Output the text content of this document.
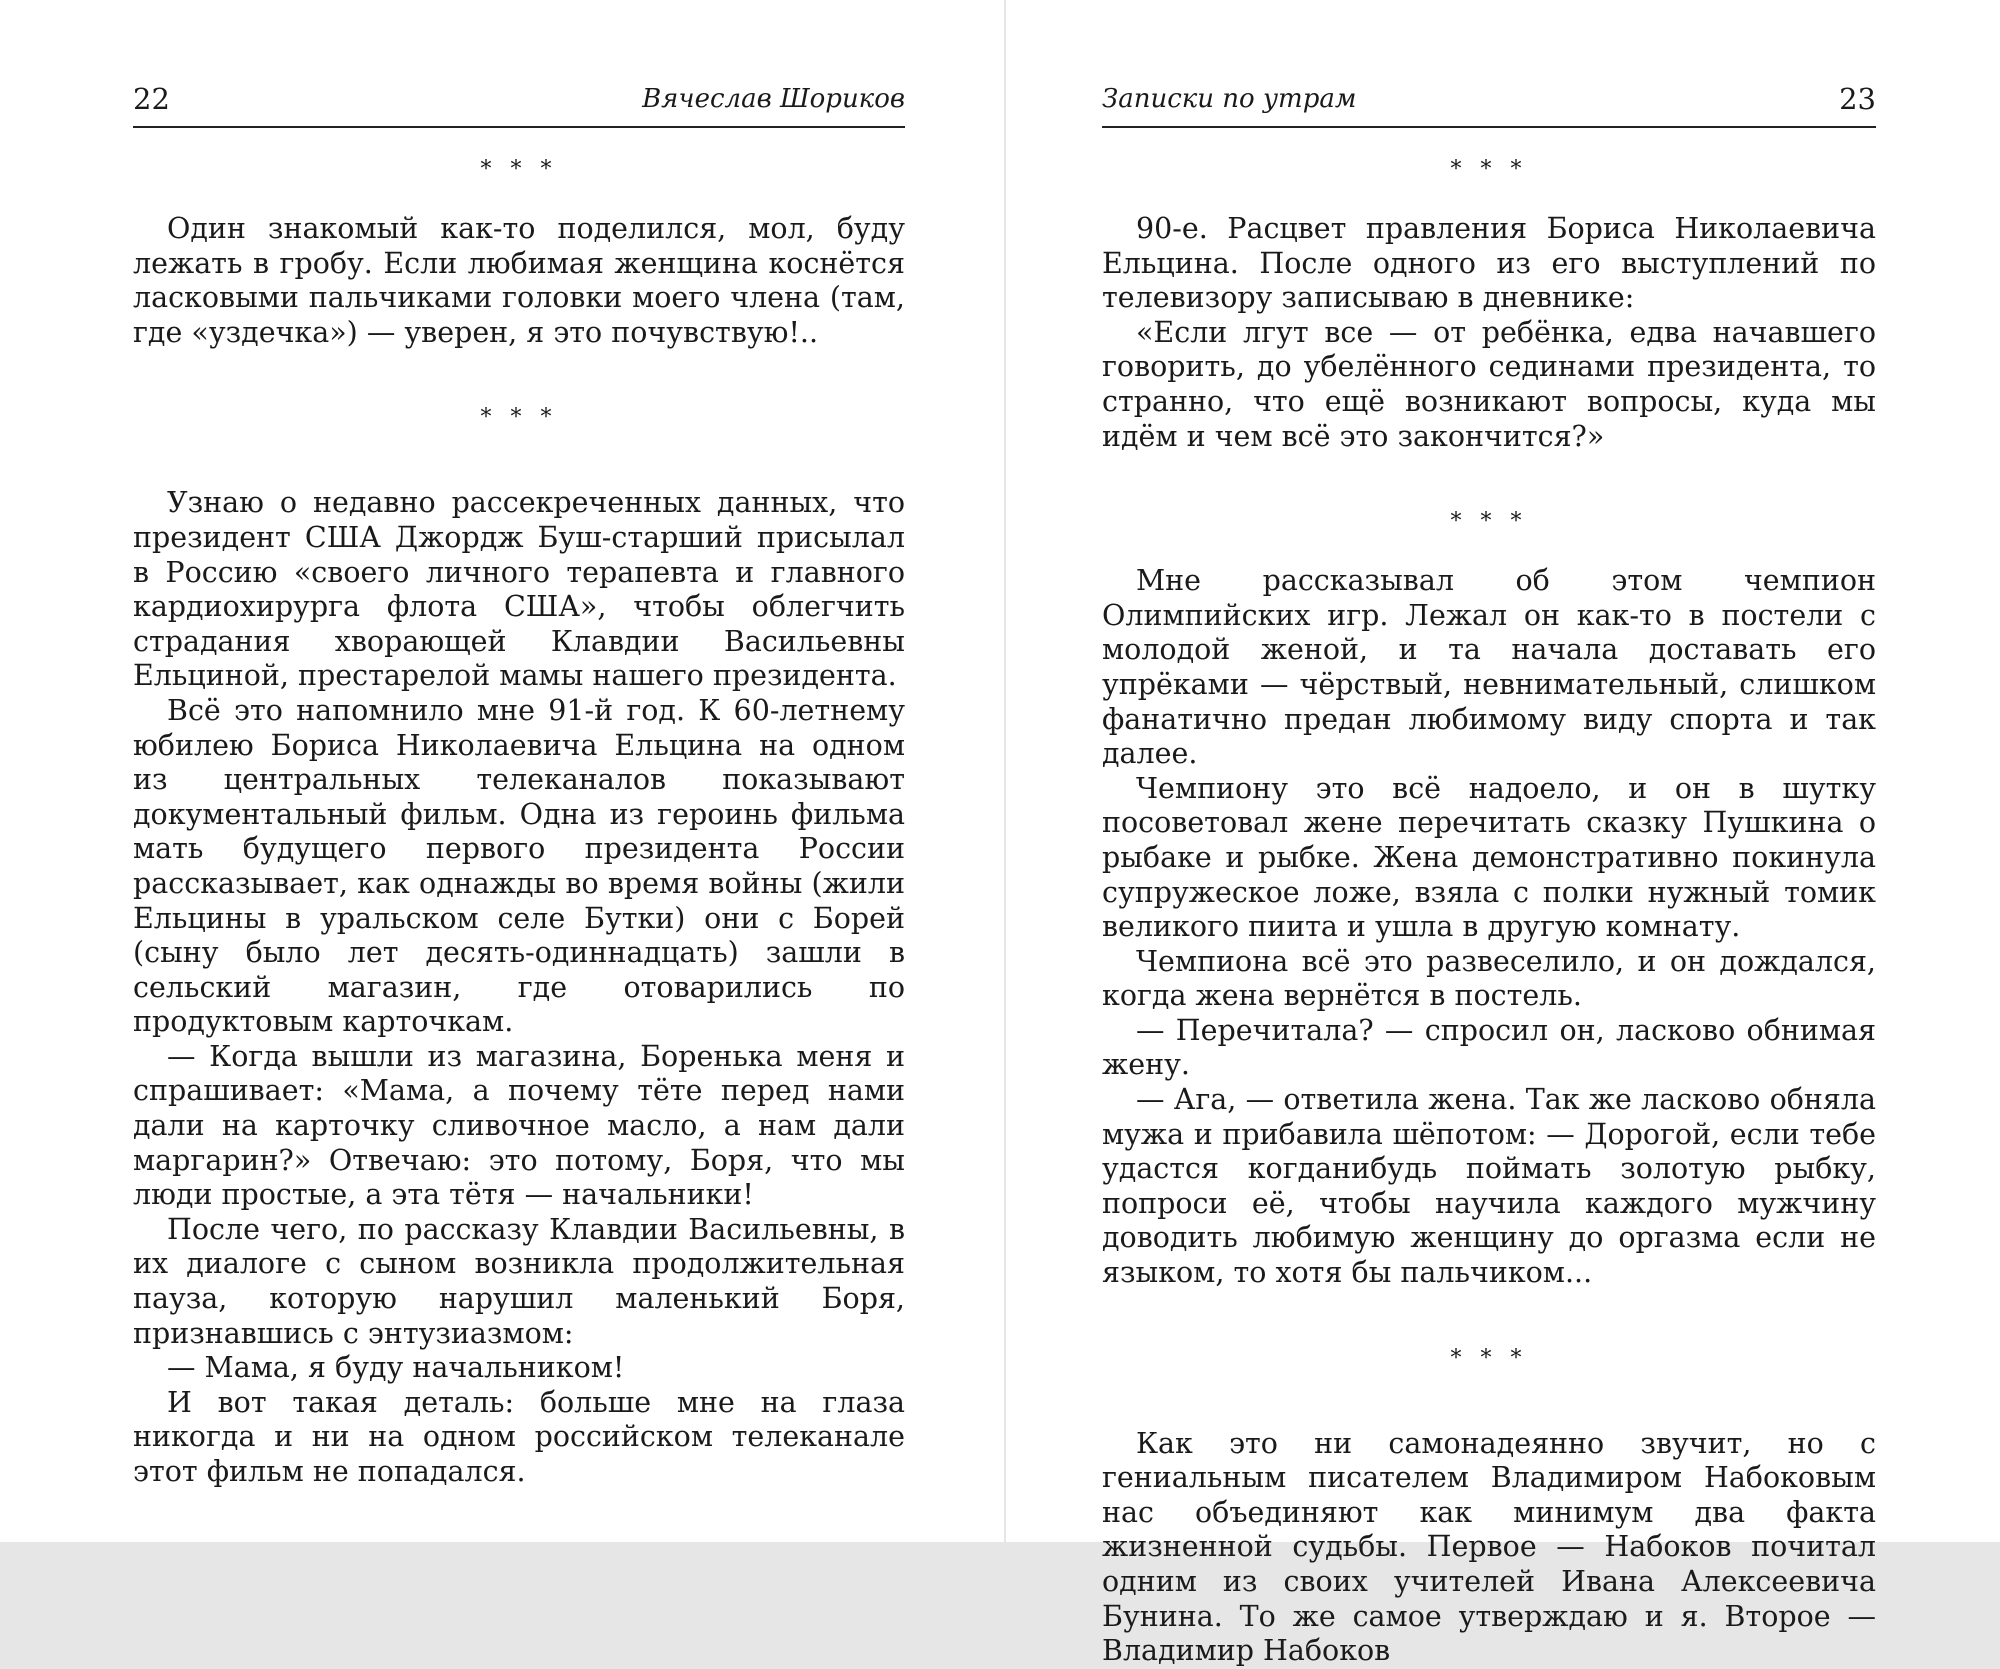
22	Вячеслав Шориков
* * *

Один знакомый как-то поделился, мол, буду лежать в гробу. Если любимая женщина коснётся ласковыми пальчиками головки моего члена (там, где «уздечка») — уверен, я это почувствую!..

* * *

Узнаю о недавно рассекреченных данных, что президент США Джордж Буш-старший присылал в Россию «своего личного терапевта и главного кардиохирурга флота США», чтобы облегчить страдания хворающей Клавдии Васильевны Ельциной, престарелой мамы нашего президента.

Всё это напомнило мне 91-й год. К 60-летнему юбилею Бориса Николаевича Ельцина на одном из центральных телеканалов показывают документальный фильм. Одна из героинь фильма мать будущего первого президента России рассказывает, как однажды во время войны (жили Ельцины в уральском селе Бутки) они с Борей (сыну было лет десять-одиннадцать) зашли в сельский магазин, где отоварились по продуктовым карточкам.

— Когда вышли из магазина, Боренька меня и спрашивает: «Мама, а почему тёте перед нами дали на карточку сливочное масло, а нам дали маргарин?» Отвечаю: это потому, Боря, что мы люди простые, а эта тётя — начальники!

После чего, по рассказу Клавдии Васильевны, в их диалоге с сыном возникла продолжительная пауза, которую нарушил маленький Боря, признавшись с энтузиазмом:

— Мама, я буду начальником!

И вот такая деталь: больше мне на глаза никогда и ни на одном российском телеканале этот фильм не попадался.

Записки по утрам	23
* * *

90-е. Расцвет правления Бориса Николаевича Ельцина. После одного из его выступлений по телевизору записываю в дневнике:

«Если лгут все — от ребёнка, едва начавшего говорить, до убелённого сединами президента, то странно, что ещё возникают вопросы, куда мы идём и чем всё это закончится?»

* * *

Мне рассказывал об этом чемпион Олимпийских игр. Лежал он как-то в постели с молодой женой, и та начала доставать его упрёками — чёрствый, невнимательный, слишком фанатично предан любимому виду спорта и так далее.

Чемпиону это всё надоело, и он в шутку посоветовал жене перечитать сказку Пушкина о рыбаке и рыбке. Жена демонстративно покинула супружеское ложе, взяла с полки нужный томик великого пиита и ушла в другую комнату.

Чемпиона всё это развеселило, и он дождался, когда жена вернётся в постель.

— Перечитала? — спросил он, ласково обнимая жену.

— Ага, — ответила жена. Так же ласково обняла мужа и прибавила шёпотом: — Дорогой, если тебе удастся когданибудь поймать золотую рыбку, попроси её, чтобы научила каждого мужчину доводить любимую женщину до оргазма если не языком, то хотя бы пальчиком...

* * *

Как это ни самонадеянно звучит, но с гениальным писателем Владимиром Набоковым нас объединяют как минимум два факта жизненной судьбы. Первое — Набоков почитал одним из своих учителей Ивана Алексеевича Бунина. То же самое утверждаю и я. Второе — Владимир Набоков
